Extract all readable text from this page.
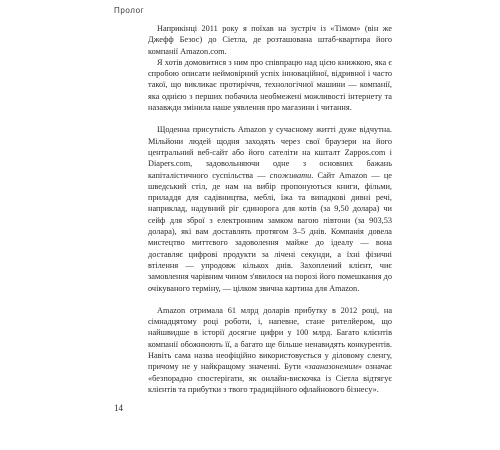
Пролог

Наприкінці 2011 року я поїхав на зустріч із «Тімом» (він же Джефф Безос) до Сіетла, де розташована штаб-квартира його компанії Amazon.com.

Я хотів домовитися з ним про співпрацю над цією книжкою, яка є спробою описати неймовірний успіх інноваційної, відривної і часто такої, що викликає протиріччя, технологічної машини — компанії, яка однією з перших побачила необмежені можливості інтернету та назавжди змінила наше уявлення про магазини і читання.

Щоденна присутність Amazon у сучасному житті дуже відчутна. Мільйони людей щодня заходять через свої браузери на його центральний веб-сайт або його сателіти на кшталт Zappos.com і Diapers.com, задовольняючи одне з основних бажань капіталістичного суспільства — споживати. Сайт Amazon — це шведський стіл, де нам на вибір пропонуються книги, фільми, приладдя для садівництва, меблі, їжа та випадкові дивні речі, наприклад, надувний ріг єдинорога для котів (за 9,50 долара) чи сейф для зброї з електронним замком вагою півтони (за 903,53 долара), які вам доставлять протягом 3–5 днів. Компанія довела мистецтво миттєвого задоволення майже до ідеалу — вона доставляє цифрові продукти за лічені секунди, а їхні фізичні втілення — упродовж кількох днів. Захоплений клієнт, чиє замовлення чарівним чином з'явилося на порозі його помешкання до очікуваного терміну, — цілком звична картина для Amazon.

Amazon отримала 61 млрд доларів прибутку в 2012 році, на сімнадцятому році роботи, і, напевне, стане рителйером, що найшвидше в історії досягне цифри у 100 млрд. Багато клієнтів компанії обожнюють її, а багато ще більше ненавидять конкурентів. Навіть сама назва неофіційно використовується у діловому сленгу, причому не у найкращому значенні. Бути «зааназонемим» означає «безпорадно спостерігати, як онлайн-вискочка із Сіетла відтягує клієнтів та прибутки з твого традиційного офлайнового бізнесу».

14
